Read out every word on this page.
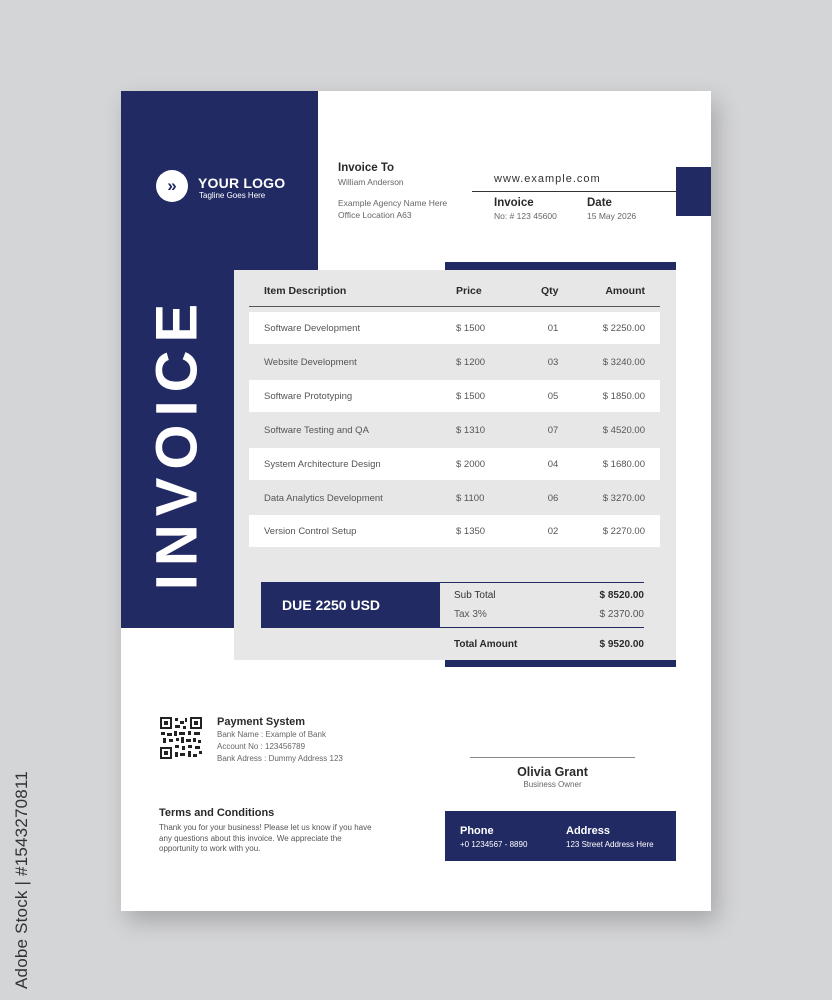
»	YOUR LOGO
Tagline Goes Here
INVOICE
Invoice To
William Anderson
Example Agency Name Here
Office Location A63
www.example.com
Invoice
No: # 123 45600
Date
15 May 2026
Item Description	Price	Qty	Amount
Software Development	$ 1500	01	$ 2250.00
Website Development	$ 1200	03	$ 3240.00
Software Prototyping	$ 1500	05	$ 1850.00
Software Testing and QA	$ 1310	07	$ 4520.00
System Architecture Design	$ 2000	04	$ 1680.00
Data Analytics Development	$ 1100	06	$ 3270.00
Version Control Setup	$ 1350	02	$ 2270.00
DUE 2250 USD
Sub Total	$ 8520.00
Tax 3%	$ 2370.00
Total Amount	$ 9520.00
Payment System
Bank Name : Example of Bank
Account No : 123456789
Bank Adress : Dummy Address 123
Olivia Grant
Business Owner
Terms and Conditions
Thank you for your business! Please let us know if you have any questions about this invoice. We appreciate the opportunity to work with you.
Phone
+0 1234567 - 8890
Address
123 Street Address Here
Adobe Stock | #1543270811
